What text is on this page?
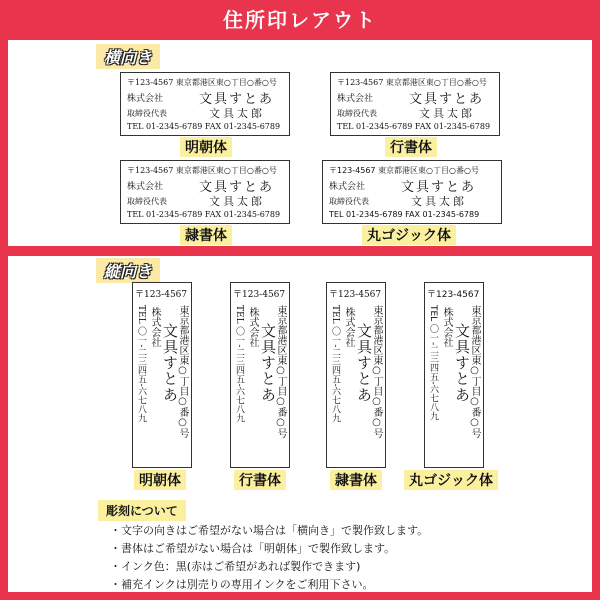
住所印レアウト
横向き
〒123-4567 東京都港区東○丁目○番○号
株式会社	文具すとあ
取締役代表	文具太郎
TEL 01-2345-6789 FAX 01-2345-6789
明朝体
〒123-4567 東京都港区東○丁目○番○号
株式会社	文具すとあ
取締役代表	文具太郎
TEL 01-2345-6789 FAX 01-2345-6789
行書体
〒123-4567 東京都港区東○丁目○番○号
株式会社	文具すとあ
取締役代表	文具太郎
TEL 01-2345-6789 FAX 01-2345-6789
隷書体
〒123-4567 東京都港区東○丁目○番○号
株式会社	文具すとあ
取締役代表	文具太郎
TEL 01-2345-6789 FAX 01-2345-6789
丸ゴジック体
縦向き
〒123-4567
TEL 〇一-二三四五-六七八九 株式会社 文具すとあ
東京都港区東○丁目○番○号
明朝体
〒123-4567
TEL 〇一-二三四五-六七八九 株式会社 文具すとあ
東京都港区東○丁目○番○号
行書体
〒123-4567
TEL 〇一-二三四五-六七八九 株式会社 文具すとあ
東京都港区東○丁目○番○号
隷書体
〒123-4567
TEL 〇一-二三四五-六七八九 株式会社 文具すとあ
東京都港区東○丁目○番○号
丸ゴジック体
彫刻について
・ 文字の向きはご希望がない場合は「横向き」で製作致します。
・ 書体はご希望がない場合は「明朝体」で製作致します。
・ インク色：黒(赤はご希望があれば製作できます)
・ 補充インクは別売りの専用インクをご利用下さい。
